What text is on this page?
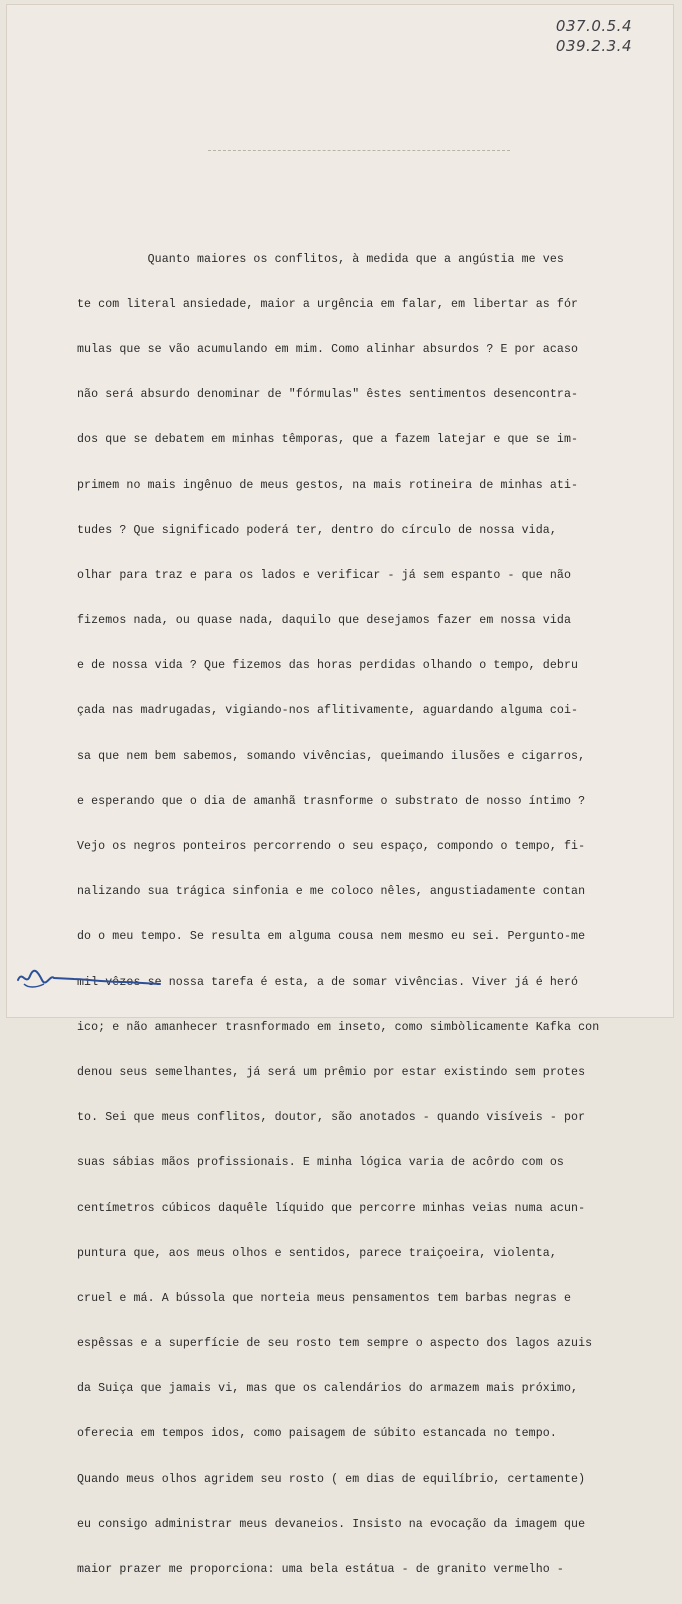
037.0.5.4
039.2.3.4

Quanto maiores os conflitos, à medida que a angústia me ves

te com literal ansiedade, maior a urgência em falar, em libertar as fór

mulas que se vão acumulando em mim. Como alinhar absurdos ? E por acaso

não será absurdo denominar de "fórmulas" êstes sentimentos desencontra-

dos que se debatem em minhas têmporas, que a fazem latejar e que se im-

primem no mais ingênuo de meus gestos, na mais rotineira de minhas ati-

tudes ? Que significado poderá ter, dentro do círculo de nossa vida,

olhar para traz e para os lados e verificar - já sem espanto - que não

fizemos nada, ou quase nada, daquilo que desejamos fazer em nossa vida

e de nossa vida ? Que fizemos das horas perdidas olhando o tempo, debru

çada nas madrugadas, vigiando-nos aflitivamente, aguardando alguma coi-

sa que nem bem sabemos, somando vivências, queimando ilusões e cigarros,

e esperando que o dia de amanhã trasnforme o substrato de nosso íntimo ?

Vejo os negros ponteiros percorrendo o seu espaço, compondo o tempo, fi-

nalizando sua trágica sinfonia e me coloco nêles, angustiadamente contan

do o meu tempo. Se resulta em alguma cousa nem mesmo eu sei. Pergunto-me

mil vêzes se nossa tarefa é esta, a de somar vivências. Viver já é heró

ico; e não amanhecer trasnformado em inseto, como simbòlicamente Kafka con

denou seus semelhantes, já será um prêmio por estar existindo sem protes

to. Sei que meus conflitos, doutor, são anotados - quando visíveis - por

suas sábias mãos profissionais. E minha lógica varia de acôrdo com os

centímetros cúbicos daquêle líquido que percorre minhas veias numa acun-

puntura que, aos meus olhos e sentidos, parece traiçoeira, violenta,

cruel e má. A bússola que norteia meus pensamentos tem barbas negras e

espêssas e a superfície de seu rosto tem sempre o aspecto dos lagos azuis

da Suiça que jamais vi, mas que os calendários do armazem mais próximo,

oferecia em tempos idos, como paisagem de súbito estancada no tempo.

Quando meus olhos agridem seu rosto ( em dias de equilíbrio, certamente)

eu consigo administrar meus devaneios. Insisto na evocação da imagem que

maior prazer me proporciona: uma bela estátua - de granito vermelho -
